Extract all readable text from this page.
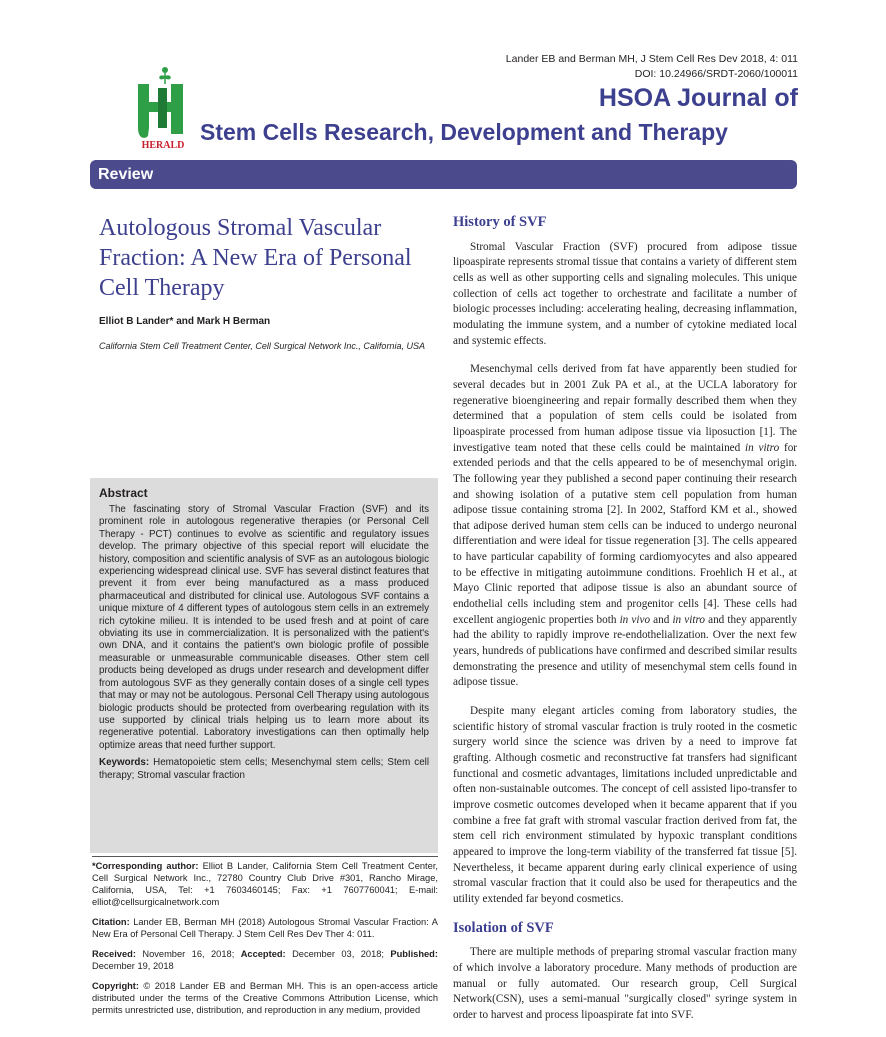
Lander EB and Berman MH, J Stem Cell Res Dev 2018, 4: 011
DOI: 10.24966/SRDT-2060/100011
HERALD
HSOA Journal of
Stem Cells Research, Development and Therapy
Review
Autologous Stromal Vascular Fraction: A New Era of Personal Cell Therapy
Elliot B Lander* and Mark H Berman
California Stem Cell Treatment Center, Cell Surgical Network Inc., California, USA
Abstract

The fascinating story of Stromal Vascular Fraction (SVF) and its prominent role in autologous regenerative therapies (or Personal Cell Therapy - PCT) continues to evolve as scientific and regulatory issues develop. The primary objective of this special report will elucidate the history, composition and scientific analysis of SVF as an autologous biologic experiencing widespread clinical use. SVF has several distinct features that prevent it from ever being manufactured as a mass produced pharmaceutical and distributed for clinical use. Autologous SVF contains a unique mixture of 4 different types of autologous stem cells in an extremely rich cytokine milieu. It is intended to be used fresh and at point of care obviating its use in commercialization. It is personalized with the patient's own DNA, and it contains the patient's own biologic profile of possible measurable or unmeasurable communicable diseases. Other stem cell products being developed as drugs under research and development differ from autologous SVF as they generally contain doses of a single cell types that may or may not be autologous. Personal Cell Therapy using autologous biologic products should be protected from overbearing regulation with its use supported by clinical trials helping us to learn more about its regenerative potential. Laboratory investigations can then optimally help optimize areas that need further support.

Keywords: Hematopoietic stem cells; Mesenchymal stem cells; Stem cell therapy; Stromal vascular fraction

*Corresponding author: Elliot B Lander, California Stem Cell Treatment Center, Cell Surgical Network Inc., 72780 Country Club Drive #301, Rancho Mirage, California, USA, Tel: +1 7603460145; Fax: +1 7607760041; E-mail: elliot@cellsurgicalnetwork.com

Citation: Lander EB, Berman MH (2018) Autologous Stromal Vascular Fraction: A New Era of Personal Cell Therapy. J Stem Cell Res Dev Ther 4: 011.

Received: November 16, 2018; Accepted: December 03, 2018; Published: December 19, 2018

Copyright: © 2018 Lander EB and Berman MH. This is an open-access article distributed under the terms of the Creative Commons Attribution License, which permits unrestricted use, distribution, and reproduction in any medium, provided

History of SVF

Stromal Vascular Fraction (SVF) procured from adipose tissue lipoaspirate represents stromal tissue that contains a variety of different stem cells as well as other supporting cells and signaling molecules. This unique collection of cells act together to orchestrate and facilitate a number of biologic processes including: accelerating healing, decreasing inflammation, modulating the immune system, and a number of cytokine mediated local and systemic effects.

Mesenchymal cells derived from fat have apparently been studied for several decades but in 2001 Zuk PA et al., at the UCLA laboratory for regenerative bioengineering and repair formally described them when they determined that a population of stem cells could be isolated from lipoaspirate processed from human adipose tissue via liposuction [1]. The investigative team noted that these cells could be maintained in vitro for extended periods and that the cells appeared to be of mesenchymal origin. The following year they published a second paper continuing their research and showing isolation of a putative stem cell population from human adipose tissue containing stroma [2]. In 2002, Stafford KM et al., showed that adipose derived human stem cells can be induced to undergo neuronal differentiation and were ideal for tissue regeneration [3]. The cells appeared to have particular capability of forming cardiomyocytes and also appeared to be effective in mitigating autoimmune conditions. Froehlich H et al., at Mayo Clinic reported that adipose tissue is also an abundant source of endothelial cells including stem and progenitor cells [4]. These cells had excellent angiogenic properties both in vivo and in vitro and they apparently had the ability to rapidly improve re-endothelialization. Over the next few years, hundreds of publications have confirmed and described similar results demonstrating the presence and utility of mesenchymal stem cells found in adipose tissue.

Despite many elegant articles coming from laboratory studies, the scientific history of stromal vascular fraction is truly rooted in the cosmetic surgery world since the science was driven by a need to improve fat grafting. Although cosmetic and reconstructive fat transfers had significant functional and cosmetic advantages, limitations included unpredictable and often non-sustainable outcomes. The concept of cell assisted lipo-transfer to improve cosmetic outcomes developed when it became apparent that if you combine a free fat graft with stromal vascular fraction derived from fat, the stem cell rich environment stimulated by hypoxic transplant conditions appeared to improve the long-term viability of the transferred fat tissue [5]. Nevertheless, it became apparent during early clinical experience of using stromal vascular fraction that it could also be used for therapeutics and the utility extended far beyond cosmetics.

Isolation of SVF

There are multiple methods of preparing stromal vascular fraction many of which involve a laboratory procedure. Many methods of production are manual or fully automated. Our research group, Cell Surgical Network(CSN), uses a semi-manual "surgically closed" syringe system in order to harvest and process lipoaspirate fat into SVF.
